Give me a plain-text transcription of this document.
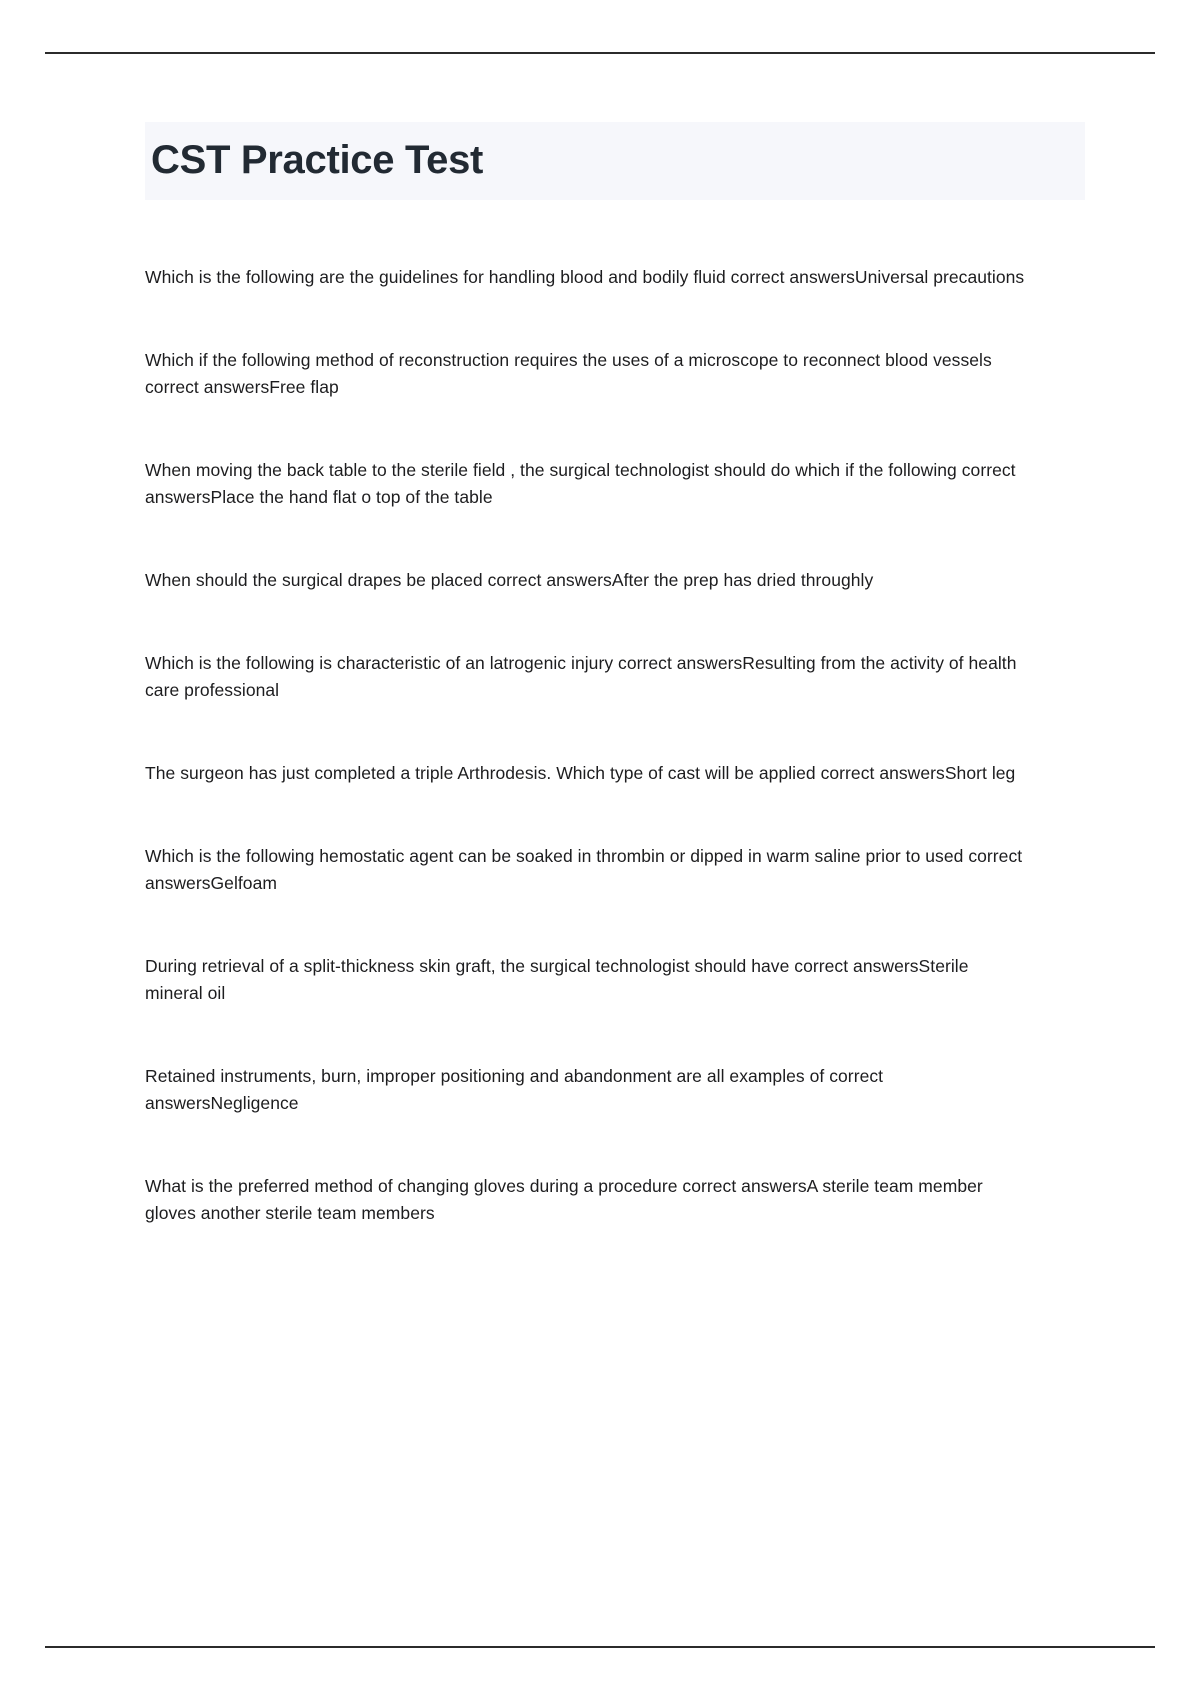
CST Practice Test

Which is the following are the guidelines for handling blood and bodily fluid correct answersUniversal precautions

Which if the following method of reconstruction requires the uses of a microscope to reconnect blood vessels correct answersFree flap

When moving the back table to the sterile field , the surgical technologist should do which if the following correct answersPlace the hand flat o top of the table

When should the surgical drapes be placed correct answersAfter the prep has dried throughly

Which is the following is characteristic of an latrogenic injury correct answersResulting from the activity of health care professional

The surgeon has just completed a triple Arthrodesis. Which type of cast will be applied correct answersShort leg

Which is the following hemostatic agent can be soaked in thrombin or dipped in warm saline prior to used correct answersGelfoam

During retrieval of a split-thickness skin graft, the surgical technologist should have correct answersSterile mineral oil

Retained instruments, burn, improper positioning and abandonment are all examples of correct answersNegligence

What is the preferred method of changing gloves during a procedure correct answersA sterile team member gloves another sterile team members
